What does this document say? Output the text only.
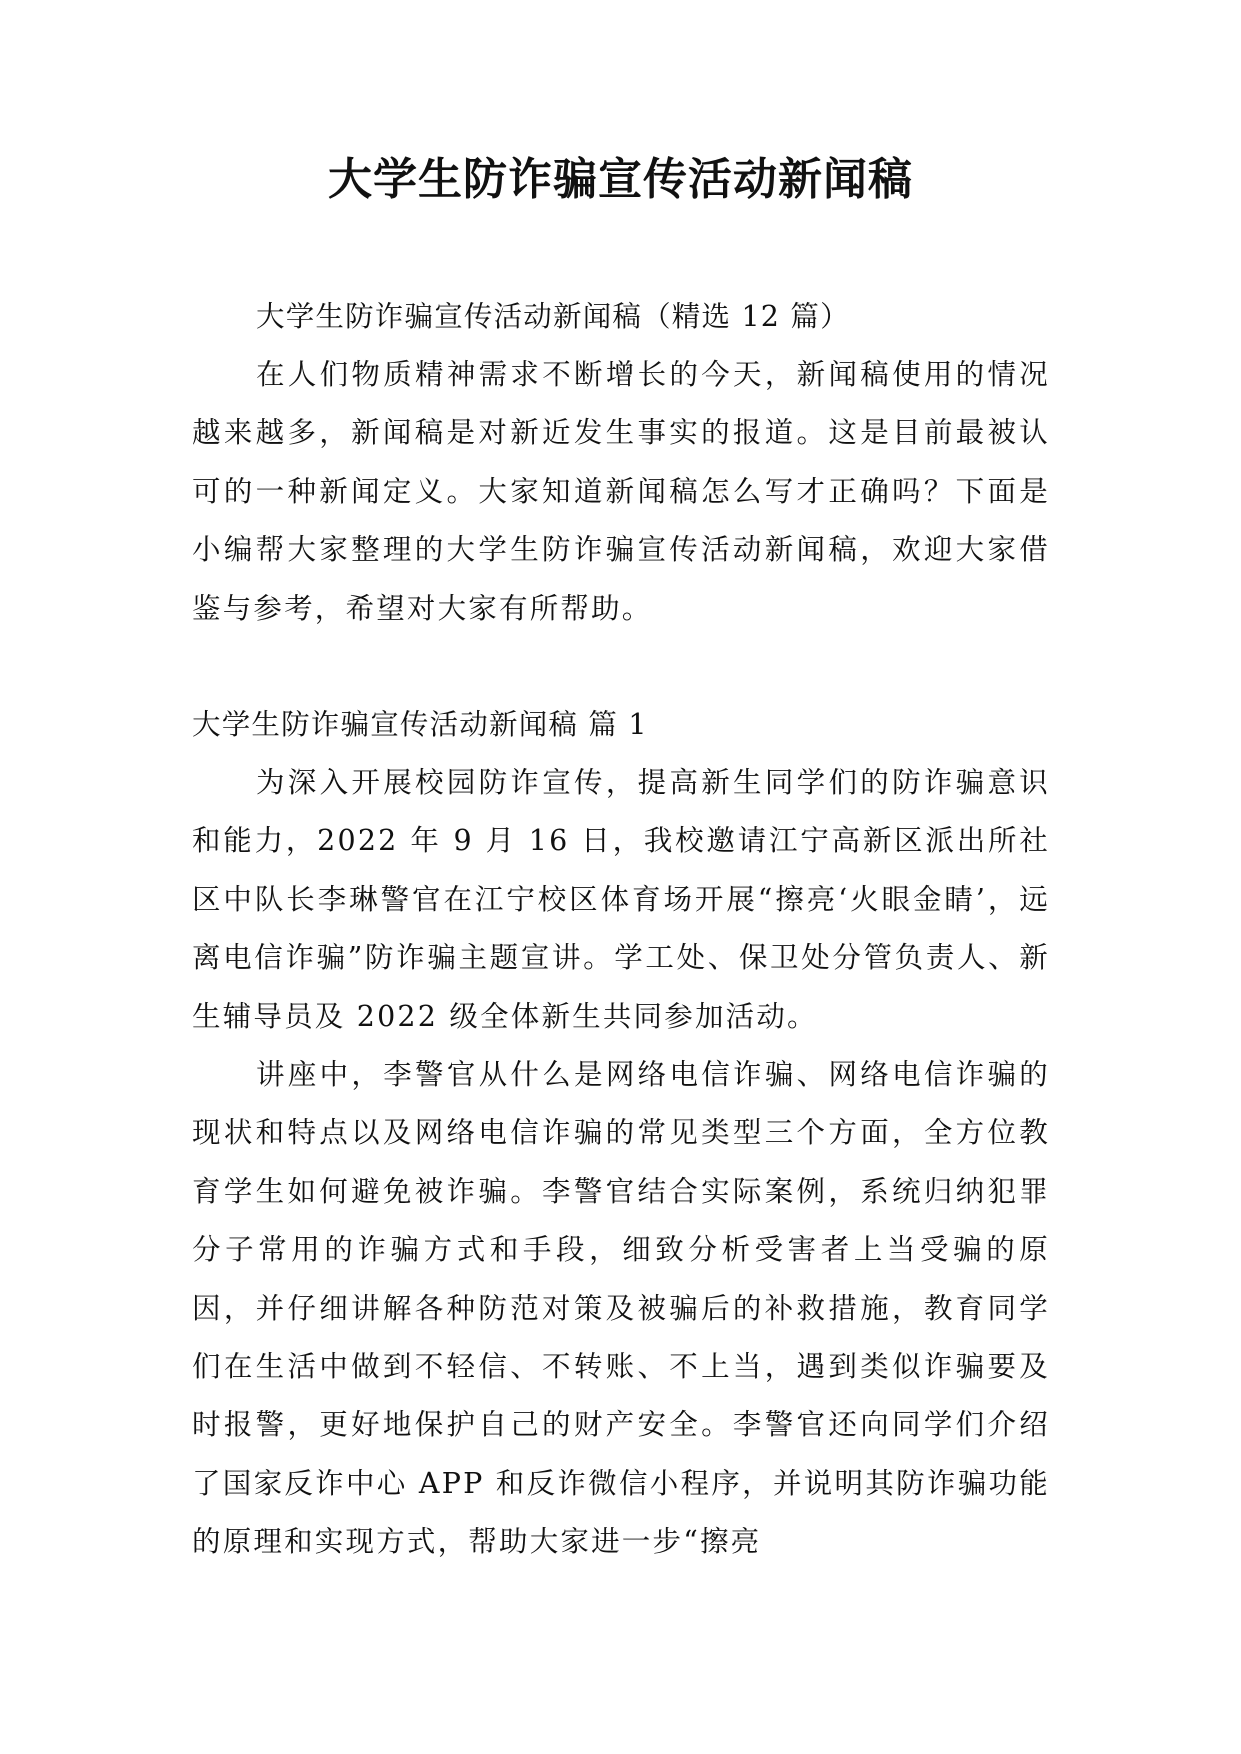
大学生防诈骗宣传活动新闻稿

大学生防诈骗宣传活动新闻稿（精选 12 篇）

在人们物质精神需求不断增长的今天，新闻稿使用的情况越来越多，新闻稿是对新近发生事实的报道。这是目前最被认可的一种新闻定义。大家知道新闻稿怎么写才正确吗？下面是小编帮大家整理的大学生防诈骗宣传活动新闻稿，欢迎大家借鉴与参考，希望对大家有所帮助。

大学生防诈骗宣传活动新闻稿 篇 1

为深入开展校园防诈宣传，提高新生同学们的防诈骗意识和能力，2022 年 9 月 16 日，我校邀请江宁高新区派出所社区中队长李琳警官在江宁校区体育场开展“擦亮‘火眼金睛’，远离电信诈骗”防诈骗主题宣讲。学工处、保卫处分管负责人、新生辅导员及 2022 级全体新生共同参加活动。

讲座中，李警官从什么是网络电信诈骗、网络电信诈骗的现状和特点以及网络电信诈骗的常见类型三个方面，全方位教育学生如何避免被诈骗。李警官结合实际案例，系统归纳犯罪分子常用的诈骗方式和手段，细致分析受害者上当受骗的原因，并仔细讲解各种防范对策及被骗后的补救措施，教育同学们在生活中做到不轻信、不转账、不上当，遇到类似诈骗要及时报警，更好地保护自己的财产安全。李警官还向同学们介绍了国家反诈中心 APP 和反诈微信小程序，并说明其防诈骗功能的原理和实现方式，帮助大家进一步“擦亮
